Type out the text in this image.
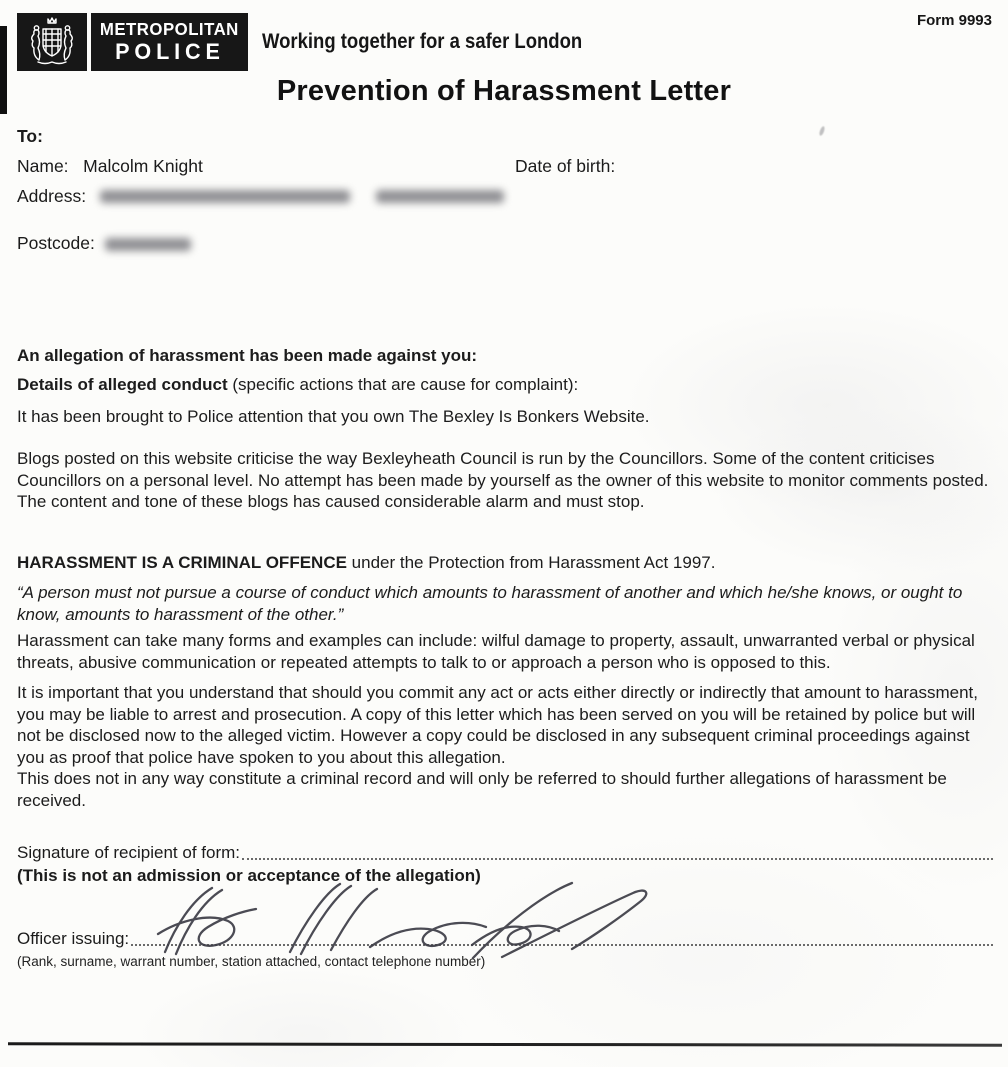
METROPOLITAN
POLICE Working together for a safer London
Form 9993
Prevention of Harassment Letter
To:
Name: Malcolm Knight	Date of birth:
Address:
Postcode:
An allegation of harassment has been made against you:
Details of alleged conduct (specific actions that are cause for complaint):
It has been brought to Police attention that you own The Bexley Is Bonkers Website.
Blogs posted on this website criticise the way Bexleyheath Council is run by the Councillors. Some of the content criticises Councillors on a personal level. No attempt has been made by yourself as the owner of this website to monitor comments posted. The content and tone of these blogs has caused considerable alarm and must stop.
HARASSMENT IS A CRIMINAL OFFENCE under the Protection from Harassment Act 1997.
“A person must not pursue a course of conduct which amounts to harassment of another and which he/she knows, or ought to know, amounts to harassment of the other.”
Harassment can take many forms and examples can include: wilful damage to property, assault, unwarranted verbal or physical threats, abusive communication or repeated attempts to talk to or approach a person who is opposed to this.
It is important that you understand that should you commit any act or acts either directly or indirectly that amount to harassment, you may be liable to arrest and prosecution. A copy of this letter which has been served on you will be retained by police but will not be disclosed now to the alleged victim. However a copy could be disclosed in any subsequent criminal proceedings against you as proof that police have spoken to you about this allegation.
This does not in any way constitute a criminal record and will only be referred to should further allegations of harassment be received.
Signature of recipient of form:
(This is not an admission or acceptance of the allegation)
Officer issuing:
(Rank, surname, warrant number, station attached, contact telephone number)
